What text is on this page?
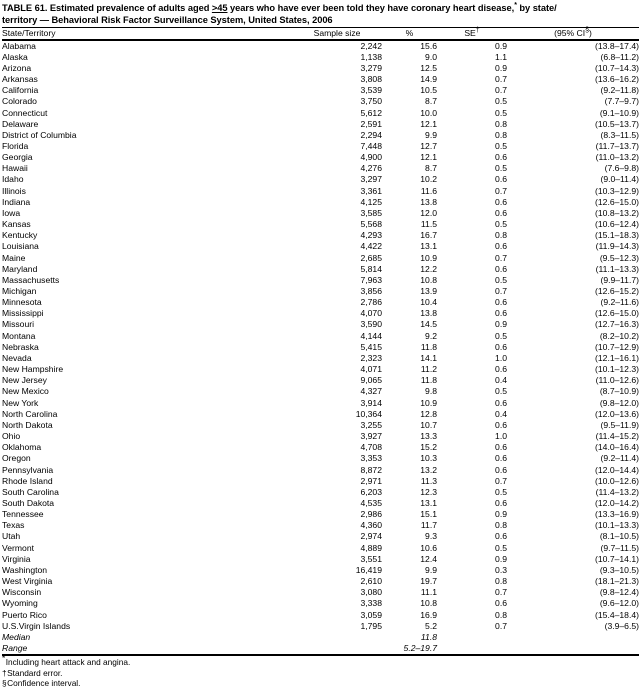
TABLE 61. Estimated prevalence of adults aged >45 years who have ever been told they have coronary heart disease,* by state/
territory — Behavioral Risk Factor Surveillance System, United States, 2006
State/Territory	Sample size	%	SE†	(95% CI§)
Alabama	2,242	15.6	0.9	(13.8–17.4)
Alaska	1,138	9.0	1.1	(6.8–11.2)
Arizona	3,279	12.5	0.9	(10.7–14.3)
Arkansas	3,808	14.9	0.7	(13.6–16.2)
California	3,539	10.5	0.7	(9.2–11.8)
Colorado	3,750	8.7	0.5	(7.7–9.7)
Connecticut	5,612	10.0	0.5	(9.1–10.9)
Delaware	2,591	12.1	0.8	(10.5–13.7)
District of Columbia	2,294	9.9	0.8	(8.3–11.5)
Florida	7,448	12.7	0.5	(11.7–13.7)
Georgia	4,900	12.1	0.6	(11.0–13.2)
Hawaii	4,276	8.7	0.5	(7.6–9.8)
Idaho	3,297	10.2	0.6	(9.0–11.4)
Illinois	3,361	11.6	0.7	(10.3–12.9)
Indiana	4,125	13.8	0.6	(12.6–15.0)
Iowa	3,585	12.0	0.6	(10.8–13.2)
Kansas	5,568	11.5	0.5	(10.6–12.4)
Kentucky	4,293	16.7	0.8	(15.1–18.3)
Louisiana	4,422	13.1	0.6	(11.9–14.3)
Maine	2,685	10.9	0.7	(9.5–12.3)
Maryland	5,814	12.2	0.6	(11.1–13.3)
Massachusetts	7,963	10.8	0.5	(9.9–11.7)
Michigan	3,856	13.9	0.7	(12.6–15.2)
Minnesota	2,786	10.4	0.6	(9.2–11.6)
Mississippi	4,070	13.8	0.6	(12.6–15.0)
Missouri	3,590	14.5	0.9	(12.7–16.3)
Montana	4,144	9.2	0.5	(8.2–10.2)
Nebraska	5,415	11.8	0.6	(10.7–12.9)
Nevada	2,323	14.1	1.0	(12.1–16.1)
New Hampshire	4,071	11.2	0.6	(10.1–12.3)
New Jersey	9,065	11.8	0.4	(11.0–12.6)
New Mexico	4,327	9.8	0.5	(8.7–10.9)
New York	3,914	10.9	0.6	(9.8–12.0)
North Carolina	10,364	12.8	0.4	(12.0–13.6)
North Dakota	3,255	10.7	0.6	(9.5–11.9)
Ohio	3,927	13.3	1.0	(11.4–15.2)
Oklahoma	4,708	15.2	0.6	(14.0–16.4)
Oregon	3,353	10.3	0.6	(9.2–11.4)
Pennsylvania	8,872	13.2	0.6	(12.0–14.4)
Rhode Island	2,971	11.3	0.7	(10.0–12.6)
South Carolina	6,203	12.3	0.5	(11.4–13.2)
South Dakota	4,535	13.1	0.6	(12.0–14.2)
Tennessee	2,986	15.1	0.9	(13.3–16.9)
Texas	4,360	11.7	0.8	(10.1–13.3)
Utah	2,974	9.3	0.6	(8.1–10.5)
Vermont	4,889	10.6	0.5	(9.7–11.5)
Virginia	3,551	12.4	0.9	(10.7–14.1)
Washington	16,419	9.9	0.3	(9.3–10.5)
West Virginia	2,610	19.7	0.8	(18.1–21.3)
Wisconsin	3,080	11.1	0.7	(9.8–12.4)
Wyoming	3,338	10.8	0.6	(9.6–12.0)
Puerto Rico	3,059	16.9	0.8	(15.4–18.4)
U.S.Virgin Islands	1,795	5.2	0.7	(3.9–6.5)
Median		11.8		
Range		5.2–19.7		
*Including heart attack and angina.
†Standard error.
§Confidence interval.
